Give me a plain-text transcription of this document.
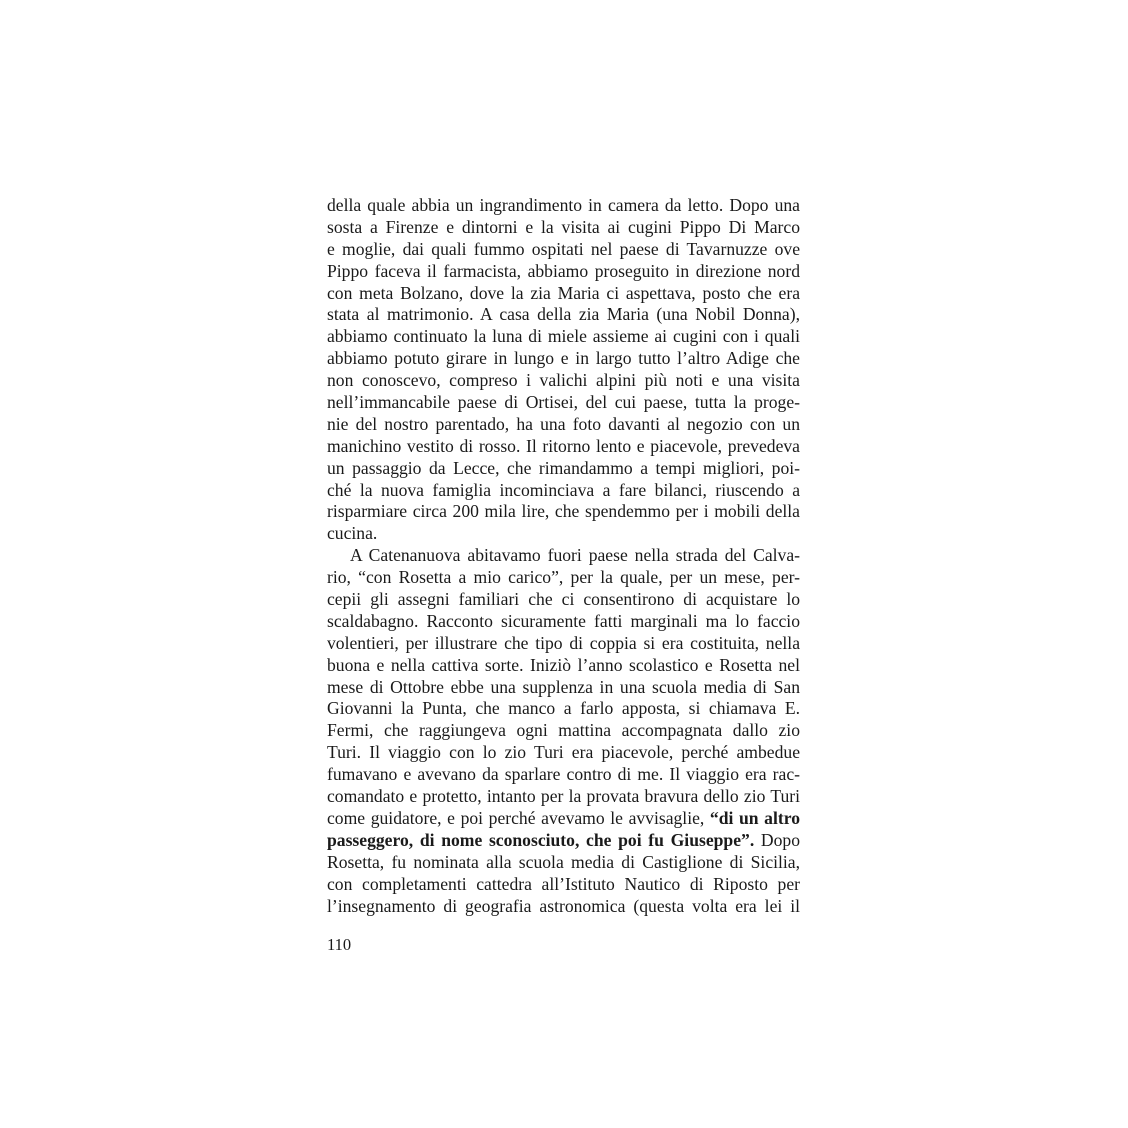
della quale abbia un ingrandimento in camera da letto. Dopo una
sosta a Firenze e dintorni e la visita ai cugini Pippo Di Marco
e moglie, dai quali fummo ospitati nel paese di Tavarnuzze ove
Pippo faceva il farmacista, abbiamo proseguito in direzione nord
con meta Bolzano, dove la zia Maria ci aspettava, posto che era
stata al matrimonio. A casa della zia Maria (una Nobil Donna),
abbiamo continuato la luna di miele assieme ai cugini con i quali
abbiamo potuto girare in lungo e in largo tutto l’altro Adige che
non conoscevo, compreso i valichi alpini più noti e una visita
nell’immancabile paese di Ortisei, del cui paese, tutta la proge-
nie del nostro parentado, ha una foto davanti al negozio con un
manichino vestito di rosso. Il ritorno lento e piacevole, prevedeva
un passaggio da Lecce, che rimandammo a tempi migliori, poi-
ché la nuova famiglia incominciava a fare bilanci, riuscendo a
risparmiare circa 200 mila lire, che spendemmo per i mobili della
cucina.
A Catenanuova abitavamo fuori paese nella strada del Calva-
rio, “con Rosetta a mio carico”, per la quale, per un mese, per-
cepii gli assegni familiari che ci consentirono di acquistare lo
scaldabagno. Racconto sicuramente fatti marginali ma lo faccio
volentieri, per illustrare che tipo di coppia si era costituita, nella
buona e nella cattiva sorte. Iniziò l’anno scolastico e Rosetta nel
mese di Ottobre ebbe una supplenza in una scuola media di San
Giovanni la Punta, che manco a farlo apposta, si chiamava E.
Fermi, che raggiungeva ogni mattina accompagnata dallo zio
Turi. Il viaggio con lo zio Turi era piacevole, perché ambedue
fumavano e avevano da sparlare contro di me. Il viaggio era rac-
comandato e protetto, intanto per la provata bravura dello zio Turi
come guidatore, e poi perché avevamo le avvisaglie, “di un altro
passeggero, di nome sconosciuto, che poi fu Giuseppe”. Dopo
Rosetta, fu nominata alla scuola media di Castiglione di Sicilia,
con completamenti cattedra all’Istituto Nautico di Riposto per
l’insegnamento di geografia astronomica (questa volta era lei il
110
